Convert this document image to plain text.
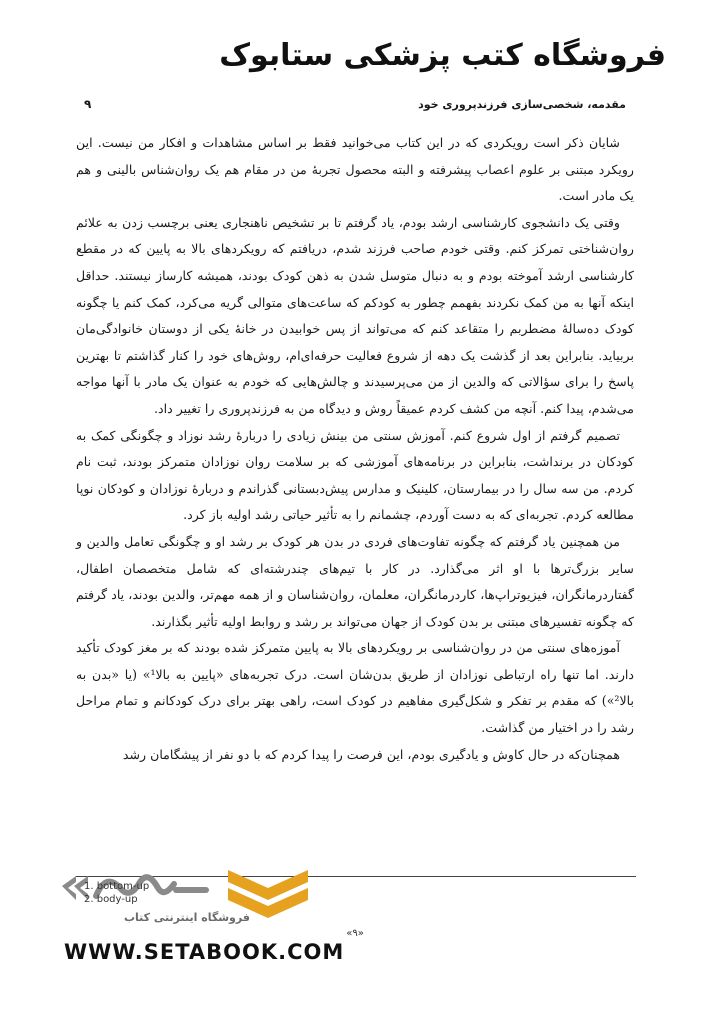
فروشگاه کتب پزشکی ستابوک
مقدمه، شخصی‌سازی فرزندپروری خود
۹

شایان ذکر است رویکردی که در این کتاب می‌خوانید فقط بر اساس مشاهدات و افکار من نیست. این رویکرد مبتنی بر علوم اعصاب پیشرفته و البته محصول تجربهٔ من در مقام هم یک روان‌شناس بالینی و هم یک مادر است.

وقتی یک دانشجوی کارشناسی ارشد بودم، یاد گرفتم تا بر تشخیص ناهنجاری یعنی برچسب زدن به علائم روان‌شناختی تمرکز کنم. وقتی خودم صاحب فرزند شدم، دریافتم که رویکردهای بالا به پایین که در مقطع کارشناسی ارشد آموخته بودم و به دنبال متوسل شدن به ذهن کودک بودند، همیشه کارساز نیستند. حداقل اینکه آنها به من کمک نکردند بفهمم چطور به کودکم که ساعت‌های متوالی گریه می‌کرد، کمک کنم یا چگونه کودک ده‌سالهٔ مضطربم را متقاعد کنم که می‌تواند از پس خوابیدن در خانهٔ یکی از دوستان خانوادگی‌مان بربیاید. بنابراین بعد از گذشت یک دهه از شروع فعالیت حرفه‌ای‌ام، روش‌های خود را کنار گذاشتم تا بهترین پاسخ را برای سؤالاتی که والدین از من می‌پرسیدند و چالش‌هایی که خودم به عنوان یک مادر با آنها مواجه می‌شدم، پیدا کنم. آنچه من کشف کردم عمیقاً روش و دیدگاه من به فرزندپروری را تغییر داد.

تصمیم گرفتم از اول شروع کنم. آموزش سنتی من بینش زیادی را دربارهٔ رشد نوزاد و چگونگی کمک به کودکان در برنداشت، بنابراین در برنامه‌های آموزشی که بر سلامت روان نوزادان متمرکز بودند، ثبت نام کردم. من سه سال را در بیمارستان، کلینیک و مدارس پیش‌دبستانی گذراندم و دربارهٔ نوزادان و کودکان نوپا مطالعه کردم. تجربه‌ای که به دست آوردم، چشمانم را به تأثیر حیاتی رشد اولیه باز کرد.

من همچنین یاد گرفتم که چگونه تفاوت‌های فردی در بدن هر کودک بر رشد او و چگونگی تعامل والدین و سایر بزرگ‌ترها با او اثر می‌گذارد. در کار با تیم‌های چندرشته‌ای که شامل متخصصان اطفال، گفتاردرمانگران، فیزیوتراپ‌ها، کاردرمانگران، معلمان، روان‌شناسان و از همه مهم‌تر، والدین بودند، یاد گرفتم که چگونه تفسیرهای مبتنی بر بدن کودک از جهان می‌تواند بر رشد و روابط اولیه تأثیر بگذارند.

آموزه‌های سنتی من در روان‌شناسی بر رویکردهای بالا به پایین متمرکز شده بودند که بر مغز کودک تأکید دارند. اما تنها راه ارتباطی نوزادان از طریق بدن‌شان است. درک تجربه‌های «پایین به بالا¹» (یا «بدن به بالا²») که مقدم بر تفکر و شکل‌گیری مفاهیم در کودک است، راهی بهتر برای درک کودکانم و تمام مراحل رشد را در اختیار من گذاشت.

همچنان‌که در حال کاوش و یادگیری بودم، این فرصت را پیدا کردم که با دو نفر از پیشگامان رشد

فروشگاه اینترنتی کتاب
1. bottom-up
2. body-up
«۹»
WWW.SETABOOK.COM
